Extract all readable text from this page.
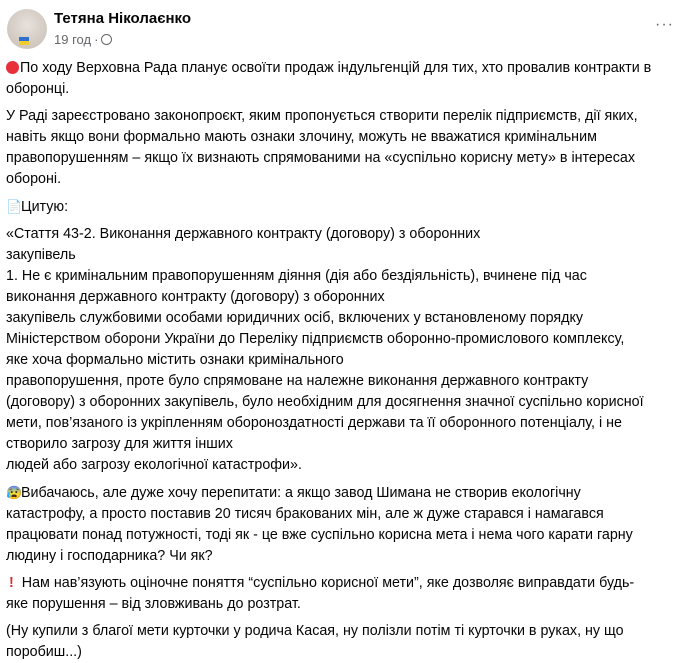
Тетяна Ніколаєнко
19 год ·
···
По ходу Верховна Рада планує освоїти продаж індульгенцій для тих, хто провалив контракти в
оборонці.
У Раді зареєстровано законопроєкт, яким пропонується створити перелік підприємств, дії яких,
навіть якщо вони формально мають ознаки злочину, можуть не вважатися кримінальним
правопорушенням – якщо їх визнають спрямованими на «суспільно корисну мету» в інтересах
обороні.
📄Цитую:
«Стаття 43-2. Виконання державного контракту (договору) з оборонних
закупівель
1. Не є кримінальним правопорушенням діяння (дія або бездіяльність), вчинене під час
виконання державного контракту (договору) з оборонних
закупівель службовими особами юридичних осіб, включених у встановленому порядку
Міністерством оборони України до Переліку підприємств оборонно-промислового комплексу,
яке хоча формально містить ознаки кримінального
правопорушення, проте було спрямоване на належне виконання державного контракту
(договору) з оборонних закупівель, було необхідним для досягнення значної суспільно корисної
мети, пов’язаного із укріпленням обороноздатності держави та її оборонного потенціалу, і не
створило загрозу для життя інших
людей або загрозу екологічної катастрофи».
😰Вибачаюсь, але дуже хочу перепитати: а якщо завод Шимана не створив екологічну
катастрофу, а просто поставив 20 тисяч бракованих мін, але ж дуже старався і намагався
працювати понад потужності, тоді як - це вже суспільно корисна мета і нема чого карати гарну
людину і господарника? Чи як?
! Нам нав’язують оціночне поняття “суспільно корисної мети”, яке дозволяє виправдати будь-
яке порушення – від зловживань до розтрат.
(Ну купили з благої мети курточки у родича Касая, ну полізли потім ті курточки в руках, ну що
поробиш...)
